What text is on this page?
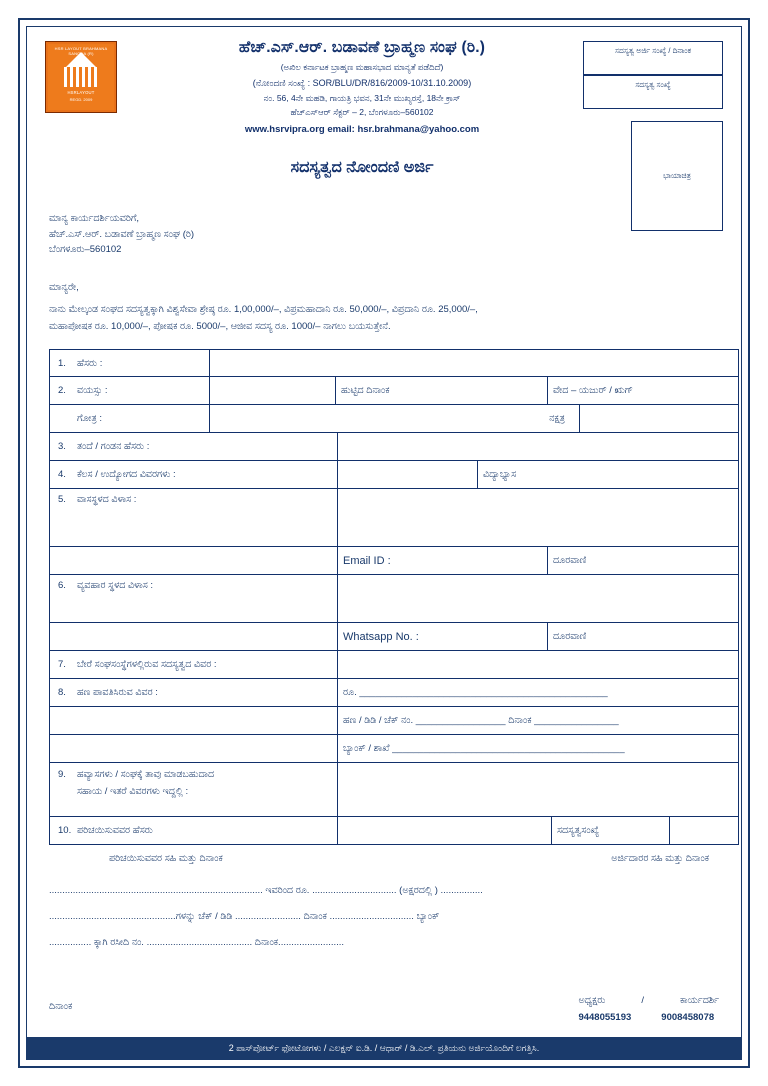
HSR LAYOUT BRAHMANA SANGHA (R)
HSRLAYOUT
REGD. 2009
ಹೆಚ್.ಎಸ್.ಆರ್. ಬಡಾವಣೆ ಬ್ರಾಹ್ಮಣ ಸಂಘ (ರಿ.)
(ಅಖಿಲ ಕರ್ನಾಟಕ ಬ್ರಾಹ್ಮಣ ಮಹಾಸಭಾದ ಮಾನ್ಯತೆ ಪಡೆದಿದೆ)
(ನೋಂದಣಿ ಸಂಖ್ಯೆ : SOR/BLU/DR/816/2009-10/31.10.2009)
ನಂ. 56, 4ನೇ ಮಹಡಿ, ಗಾಯತ್ರಿ ಭವನ, 31ನೇ ಮುಖ್ಯರಸ್ತೆ, 18ನೇ ಕ್ರಾಸ್
ಹೆಚ್ಎಸ್ಆರ್ ಸೆಕ್ಟರ್ – 2, ಬೆಂಗಳೂರು–560102
www.hsrvipra.org email: hsr.brahmana@yahoo.com
ಸದಸ್ಯತ್ವ ಅರ್ಜಿ ಸಂಖ್ಯೆ / ದಿನಾಂಕ
ಸದಸ್ಯತ್ವ ಸಂಖ್ಯೆ
ಭಾಯಾಚಿತ್ರ
ಸದಸ್ಯತ್ವದ ನೋಂದಣಿ ಅರ್ಜಿ
ಮಾನ್ಯ ಕಾರ್ಯದರ್ಶಿಯವರಿಗೆ,
ಹೆಚ್.ಎಸ್.ಆರ್. ಬಡಾವಣೆ ಬ್ರಾಹ್ಮಣ ಸಂಘ (ರಿ)
ಬೆಂಗಳೂರು–560102
ಮಾನ್ಯರೇ,
ನಾನು ಮೇಲ್ಕಂಡ ಸಂಘದ ಸದಸ್ಯತ್ವಕ್ಕಾಗಿ ವಿಶ್ವಸೇವಾ ಶ್ರೇಷ್ಠ ರೂ. 1,00,000/–, ವಿಪ್ರಮಹಾದಾನಿ ರೂ. 50,000/–, ವಿಪ್ರದಾನಿ ರೂ. 25,000/–,
ಮಹಾಪೋಷಕ ರೂ. 10,000/–, ಪೋಷಕ ರೂ. 5000/–, ಆಜೀವ ಸದಸ್ಯ ರೂ. 1000/– ನಾಗಲು ಬಯಸುತ್ತೇನೆ.
1.	ಹೆಸರು :
2.	ವಯಸ್ಸು :	ಹುಟ್ಟಿದ ದಿನಾಂಕ	ವೇದ – ಯಜುರ್ / ಋಗ್
ಗೋತ್ರ :	ನಕ್ಷತ್ರ
3.	ತಂದೆ / ಗಂಡನ ಹೆಸರು :
4.	ಕೆಲಸ / ಉದ್ಯೋಗದ ವಿವರಗಳು :	ವಿದ್ಯಾಭ್ಯಾಸ
5.	ವಾಸಸ್ಥಳದ ವಿಳಾಸ :
Email ID :	ದೂರವಾಣಿ
6.	ವ್ಯವಹಾರ ಸ್ಥಳದ ವಿಳಾಸ :
Whatsapp No. :	ದೂರವಾಣಿ
7.	ಬೇರೆ ಸಂಘಸಂಸ್ಥೆಗಳಲ್ಲಿರುವ ಸದಸ್ಯತ್ವದ ವಿವರ :
8.	ಹಣ ಪಾವತಿಸಿರುವ ವಿವರ :	ರೂ. _______________________________________________
ಹಣ / ಡಿಡಿ / ಚೆಕ್ ನಂ. _________________ ದಿನಾಂಕ ________________
ಬ್ಯಾಂಕ್ / ಶಾಖೆ ____________________________________________
9.	ಹವ್ಯಾಸಗಳು / ಸಂಘಕ್ಕೆ ತಾವು ಮಾಡಬಹುದಾದ
ಸಹಾಯ / ಇತರೆ ವಿವರಗಳು ಇದ್ದಲ್ಲಿ :
10. ಪರಿಚಯಿಸುವವರ ಹೆಸರು	ಸದಸ್ಯತ್ವಸಂಖ್ಯೆ
ಪರಿಚಯಿಸುವವರ ಸಹಿ ಮತ್ತು ದಿನಾಂಕ	ಅರ್ಜಿದಾರರ ಸಹಿ ಮತ್ತು ದಿನಾಂಕ
................................................................................. ಇವರಿಂದ ರೂ. ................................ (ಅಕ್ಷರದಲ್ಲಿ ) ................
................................................ಗಳನ್ನು ಚೆಕ್ / ಡಿಡಿ ......................... ದಿನಾಂಕ ................................ ಬ್ಯಾಂಕ್
................ ಕ್ಕಾಗಿ ರಸೀದಿ ನಂ. ........................................ ದಿನಾಂಕ.........................
ದಿನಾಂಕ
ಅಧ್ಯಕ್ಷರು	/	ಕಾರ್ಯದರ್ಶಿ
9448055193	9008458078
2 ಪಾಸ್‌ಪೋರ್ಟ್ ಫೋಟೋಗಳು / ಎಲಕ್ಷನ್ ಐ.ಡಿ. / ಆಧಾರ್ / ಡಿ.ಎಲ್. ಪ್ರತಿಯನು ಅರ್ಜಿಯೊಂದಿಗೆ ಲಗತ್ತಿಸಿ.
